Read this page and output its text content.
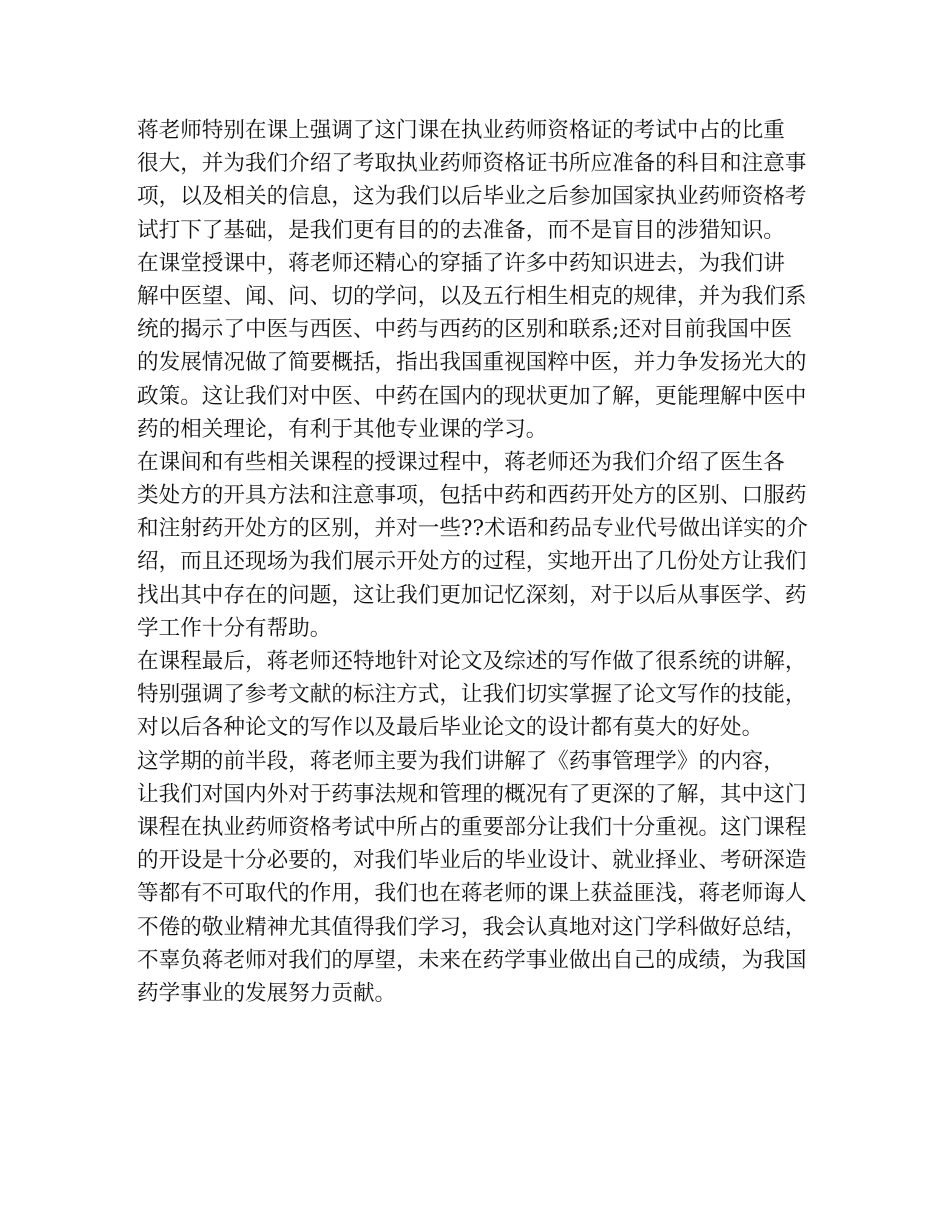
蒋老师特别在课上强调了这门课在执业药师资格证的考试中占的比重
很大，并为我们介绍了考取执业药师资格证书所应准备的科目和注意事
项，以及相关的信息，这为我们以后毕业之后参加国家执业药师资格考
试打下了基础，是我们更有目的的去准备，而不是盲目的涉猎知识。
在课堂授课中，蒋老师还精心的穿插了许多中药知识进去，为我们讲
解中医望、闻、问、切的学问，以及五行相生相克的规律，并为我们系
统的揭示了中医与西医、中药与西药的区别和联系;还对目前我国中医
的发展情况做了简要概括，指出我国重视国粹中医，并力争发扬光大的
政策。这让我们对中医、中药在国内的现状更加了解，更能理解中医中
药的相关理论，有利于其他专业课的学习。
在课间和有些相关课程的授课过程中，蒋老师还为我们介绍了医生各
类处方的开具方法和注意事项，包括中药和西药开处方的区别、口服药
和注射药开处方的区别，并对一些??术语和药品专业代号做出详实的介
绍，而且还现场为我们展示开处方的过程，实地开出了几份处方让我们
找出其中存在的问题，这让我们更加记忆深刻，对于以后从事医学、药
学工作十分有帮助。
在课程最后，蒋老师还特地针对论文及综述的写作做了很系统的讲解，
特别强调了参考文献的标注方式，让我们切实掌握了论文写作的技能，
对以后各种论文的写作以及最后毕业论文的设计都有莫大的好处。
这学期的前半段，蒋老师主要为我们讲解了《药事管理学》的内容，
让我们对国内外对于药事法规和管理的概况有了更深的了解，其中这门
课程在执业药师资格考试中所占的重要部分让我们十分重视。这门课程
的开设是十分必要的，对我们毕业后的毕业设计、就业择业、考研深造
等都有不可取代的作用，我们也在蒋老师的课上获益匪浅，蒋老师诲人
不倦的敬业精神尤其值得我们学习，我会认真地对这门学科做好总结，
不辜负蒋老师对我们的厚望，未来在药学事业做出自己的成绩，为我国
药学事业的发展努力贡献。
